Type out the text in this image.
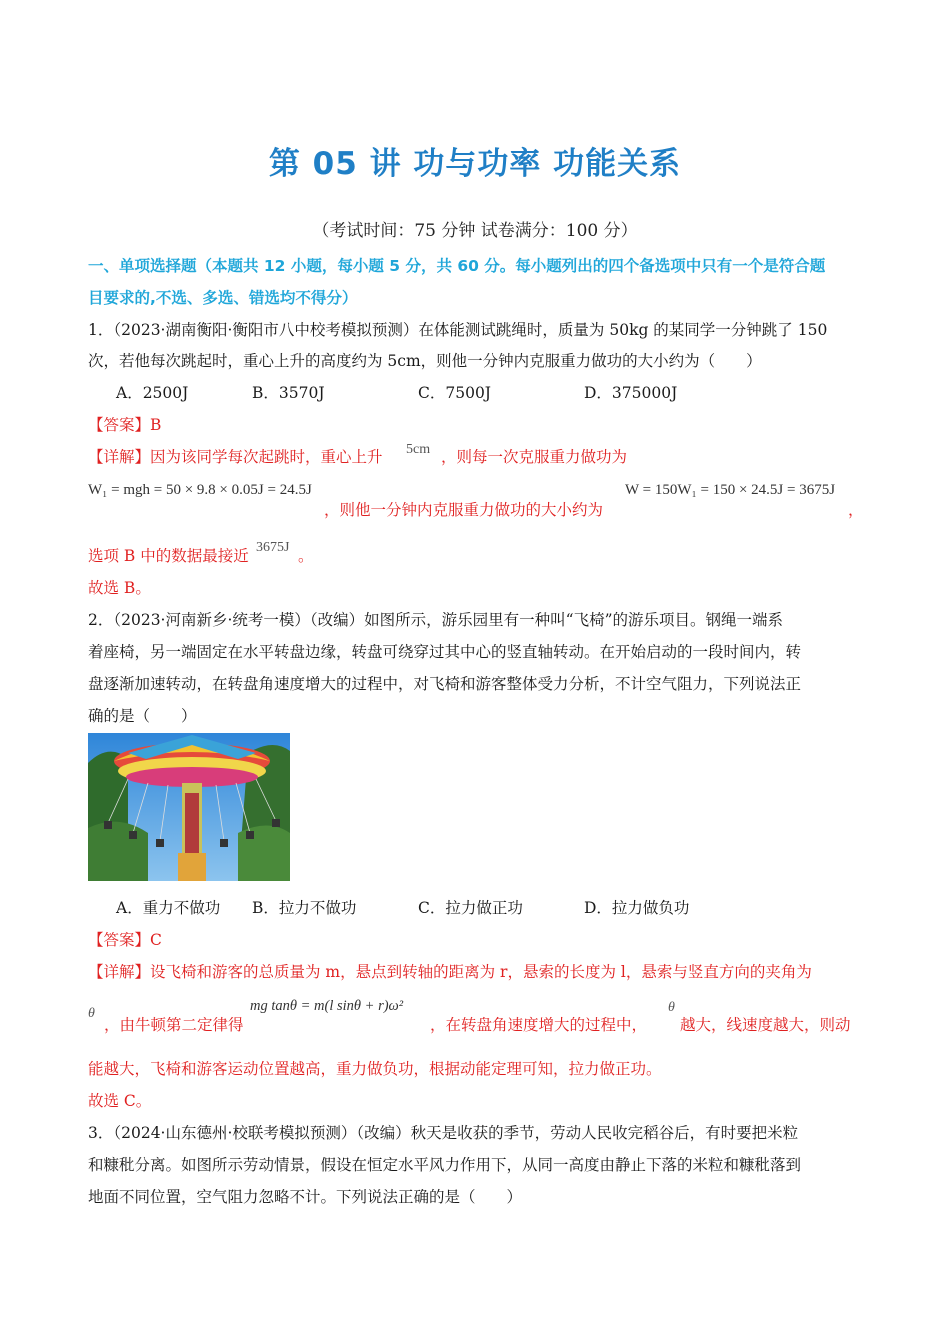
第 05 讲 功与功率 功能关系
（考试时间：75 分钟 试卷满分：100 分）
一、单项选择题（本题共 12 小题，每小题 5 分，共 60 分。每小题列出的四个备选项中只有一个是符合题
目要求的,不选、多选、错选均不得分）
1．（2023·湖南衡阳·衡阳市八中校考模拟预测）在体能测试跳绳时，质量为 50kg 的某同学一分钟跳了 150
次，若他每次跳起时，重心上升的高度约为 5cm，则他一分钟内克服重力做功的大小约为（　　）
A．2500J	B．3570J	C．7500J	D．375000J
【答案】B
【详解】因为该同学每次起跳时，重心上升 5cm ，则每一次克服重力做功为
W₁ = mgh = 50 × 9.8 × 0.05J = 24.5J
，则他一分钟内克服重力做功的大小约为
W = 150W₁ = 150 × 24.5J = 3675J
，
选项 B 中的数据最接近 3675J 。
故选 B。
2．（2023·河南新乡·统考一模）（改编）如图所示，游乐园里有一种叫“飞椅”的游乐项目。钢绳一端系
着座椅，另一端固定在水平转盘边缘，转盘可绕穿过其中心的竖直轴转动。在开始启动的一段时间内，转
盘逐渐加速转动，在转盘角速度增大的过程中，对飞椅和游客整体受力分析，不计空气阻力，下列说法正
确的是（　　）
A．重力不做功 B．拉力不做功	C．拉力做正功	D．拉力做负功
【答案】C
【详解】设飞椅和游客的总质量为 m，悬点到转轴的距离为 r，悬索的长度为 l，悬索与竖直方向的夹角为
θ
，由牛顿第二定律得
mg tanθ = m(l sinθ + r)ω²
，在转盘角速度增大的过程中，
θ
越大，线速度越大，则动
能越大，飞椅和游客运动位置越高，重力做负功，根据动能定理可知，拉力做正功。
故选 C。
3．（2024·山东德州·校联考模拟预测）（改编）秋天是收获的季节，劳动人民收完稻谷后，有时要把米粒
和糠秕分离。如图所示劳动情景，假设在恒定水平风力作用下，从同一高度由静止下落的米粒和糠秕落到
地面不同位置，空气阻力忽略不计。下列说法正确的是（　　）
